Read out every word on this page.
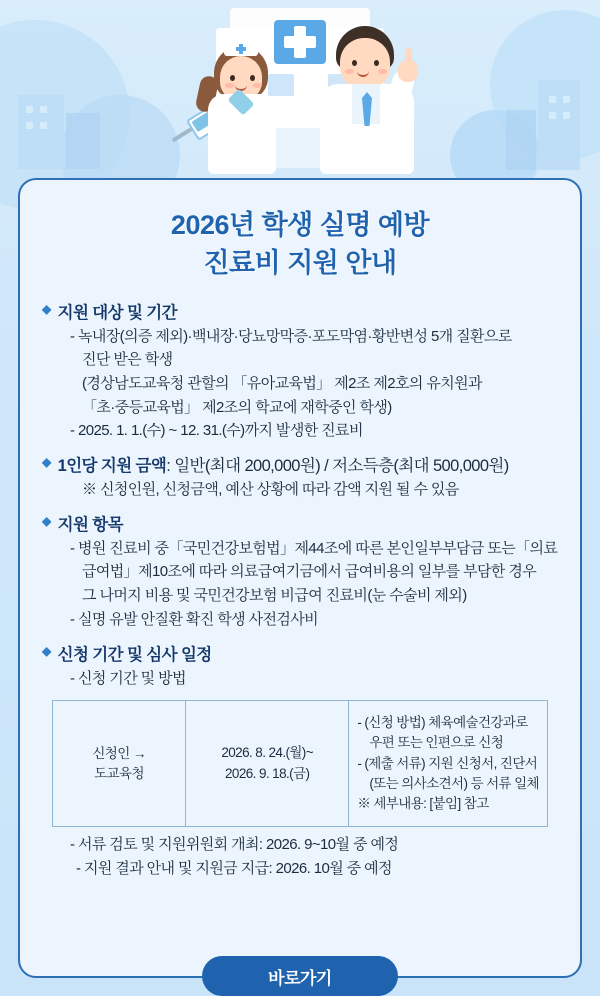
2026년 학생 실명 예방
진료비 지원 안내
◆ 지원 대상 및 기간
- 녹내장(의증 제외)·백내장·당뇨망막증·포도막염·황반변성 5개 질환으로
진단 받은 학생
(경상남도교육청 관할의 「유아교육법」 제2조 제2호의 유치원과
「초·중등교육법」 제2조의 학교에 재학중인 학생)
- 2025. 1. 1.(수) ~ 12. 31.(수)까지 발생한 진료비
◆ 1인당 지원 금액 : 일반(최대 200,000원) / 저소득층(최대 500,000원)
※ 신청인원, 신청금액, 예산 상황에 따라 감액 지원 될 수 있음
◆ 지원 항목
- 병원 진료비 중「국민건강보험법」제44조에 따른 본인일부부담금 또는「의료
급여법」제10조에 따라 의료급여기금에서 급여비용의 일부를 부담한 경우
그 나머지 비용 및 국민건강보험 비급여 진료비(눈 수술비 제외)
- 실명 유발 안질환 확진 학생 사전검사비
◆ 신청 기간 및 심사 일정
- 신청 기간 및 방법
신청인 →
도교육청
2026. 8. 24.(월)~
2026. 9. 18.(금)
- (신청 방법) 체육예술건강과로
우편 또는 인편으로 신청
- (제출 서류) 지원 신청서, 진단서
(또는 의사소견서) 등 서류 일체
※ 세부내용: [붙임] 참고
- 서류 검토 및 지원위원회 개최: 2026. 9~10월 중 예정
- 지원 결과 안내 및 지원금 지급: 2026. 10월 중 예정
바로가기
